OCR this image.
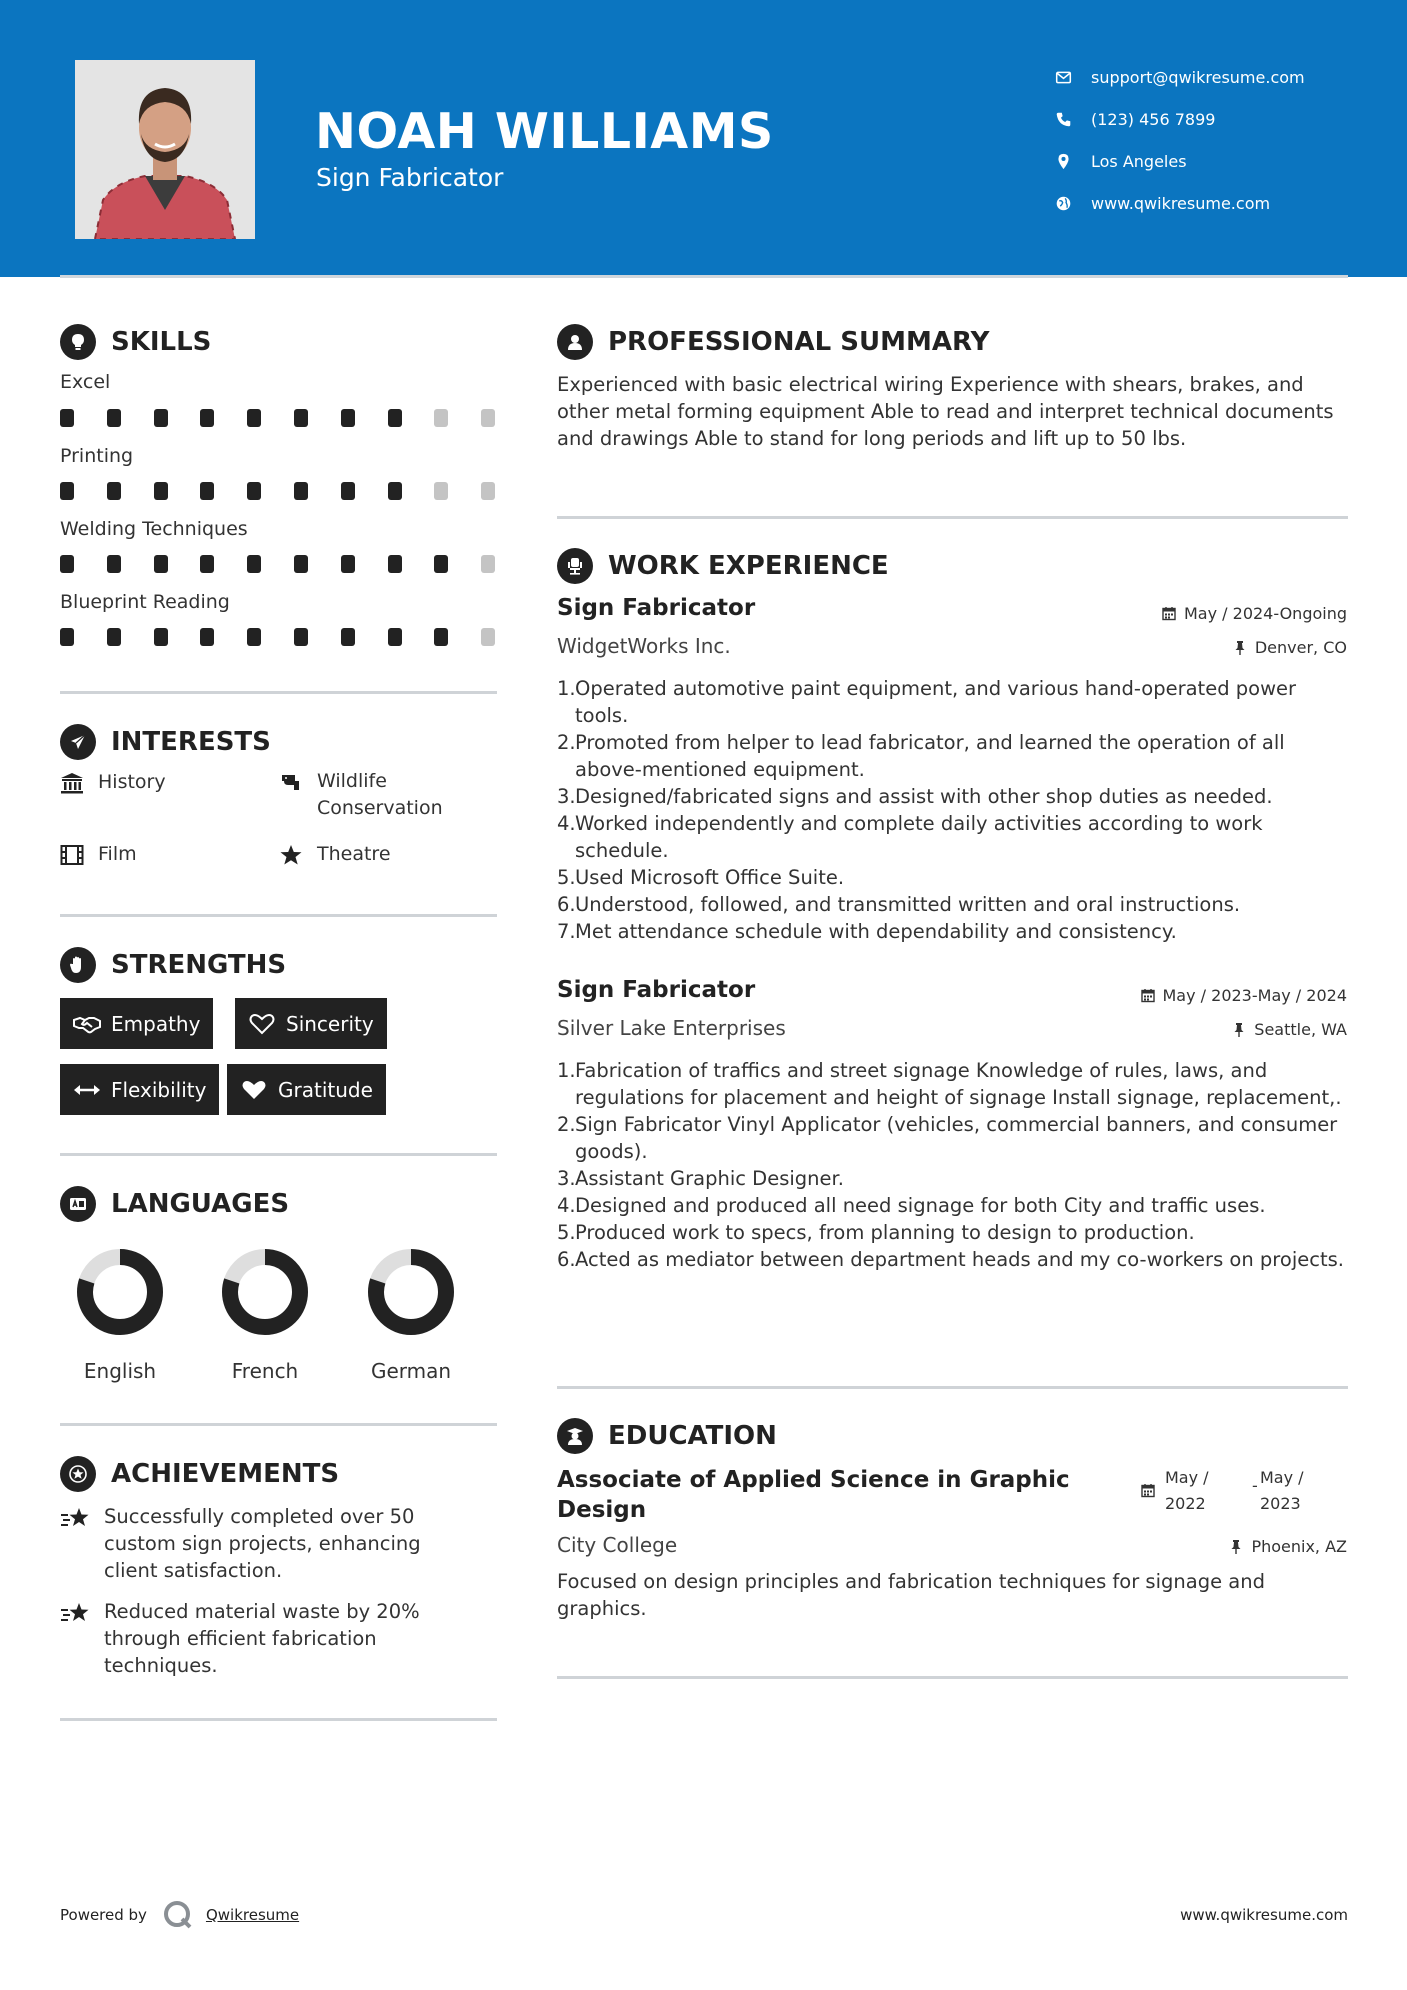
NOAH WILLIAMS
Sign Fabricator
support@qwikresume.com
(123) 456 7899
Los Angeles
www.qwikresume.com
SKILLS
Excel
Printing
Welding Techniques
Blueprint Reading
INTERESTS
History	Wildlife Conservation
Film	Theatre
STRENGTHS
Empathy	Sincerity
Flexibility	Gratitude
LANGUAGES
English	French	German
ACHIEVEMENTS
Successfully completed over 50 custom sign projects, enhancing client satisfaction.
Reduced material waste by 20% through efficient fabrication techniques.
PROFESSIONAL SUMMARY
Experienced with basic electrical wiring Experience with shears, brakes, and other metal forming equipment Able to read and interpret technical documents and drawings Able to stand for long periods and lift up to 50 lbs.
WORK EXPERIENCE
Sign Fabricator	May / 2024-Ongoing
WidgetWorks Inc.	Denver, CO
1. Operated automotive paint equipment, and various hand-operated power tools.
2. Promoted from helper to lead fabricator, and learned the operation of all above-mentioned equipment.
3. Designed/fabricated signs and assist with other shop duties as needed.
4. Worked independently and complete daily activities according to work schedule.
5. Used Microsoft Office Suite.
6. Understood, followed, and transmitted written and oral instructions.
7. Met attendance schedule with dependability and consistency.
Sign Fabricator	May / 2023-May / 2024
Silver Lake Enterprises	Seattle, WA
1. Fabrication of traffics and street signage Knowledge of rules, laws, and regulations for placement and height of signage Install signage, replacement,.
2. Sign Fabricator Vinyl Applicator (vehicles, commercial banners, and consumer goods).
3. Assistant Graphic Designer.
4. Designed and produced all need signage for both City and traffic uses.
5. Produced work to specs, from planning to design to production.
6. Acted as mediator between department heads and my co-workers on projects.
EDUCATION
Associate of Applied Science in Graphic Design
May / 2022
- May / 2023
City College	Phoenix, AZ
Focused on design principles and fabrication techniques for signage and graphics.
Powered by	Qwikresume	www.qwikresume.com
